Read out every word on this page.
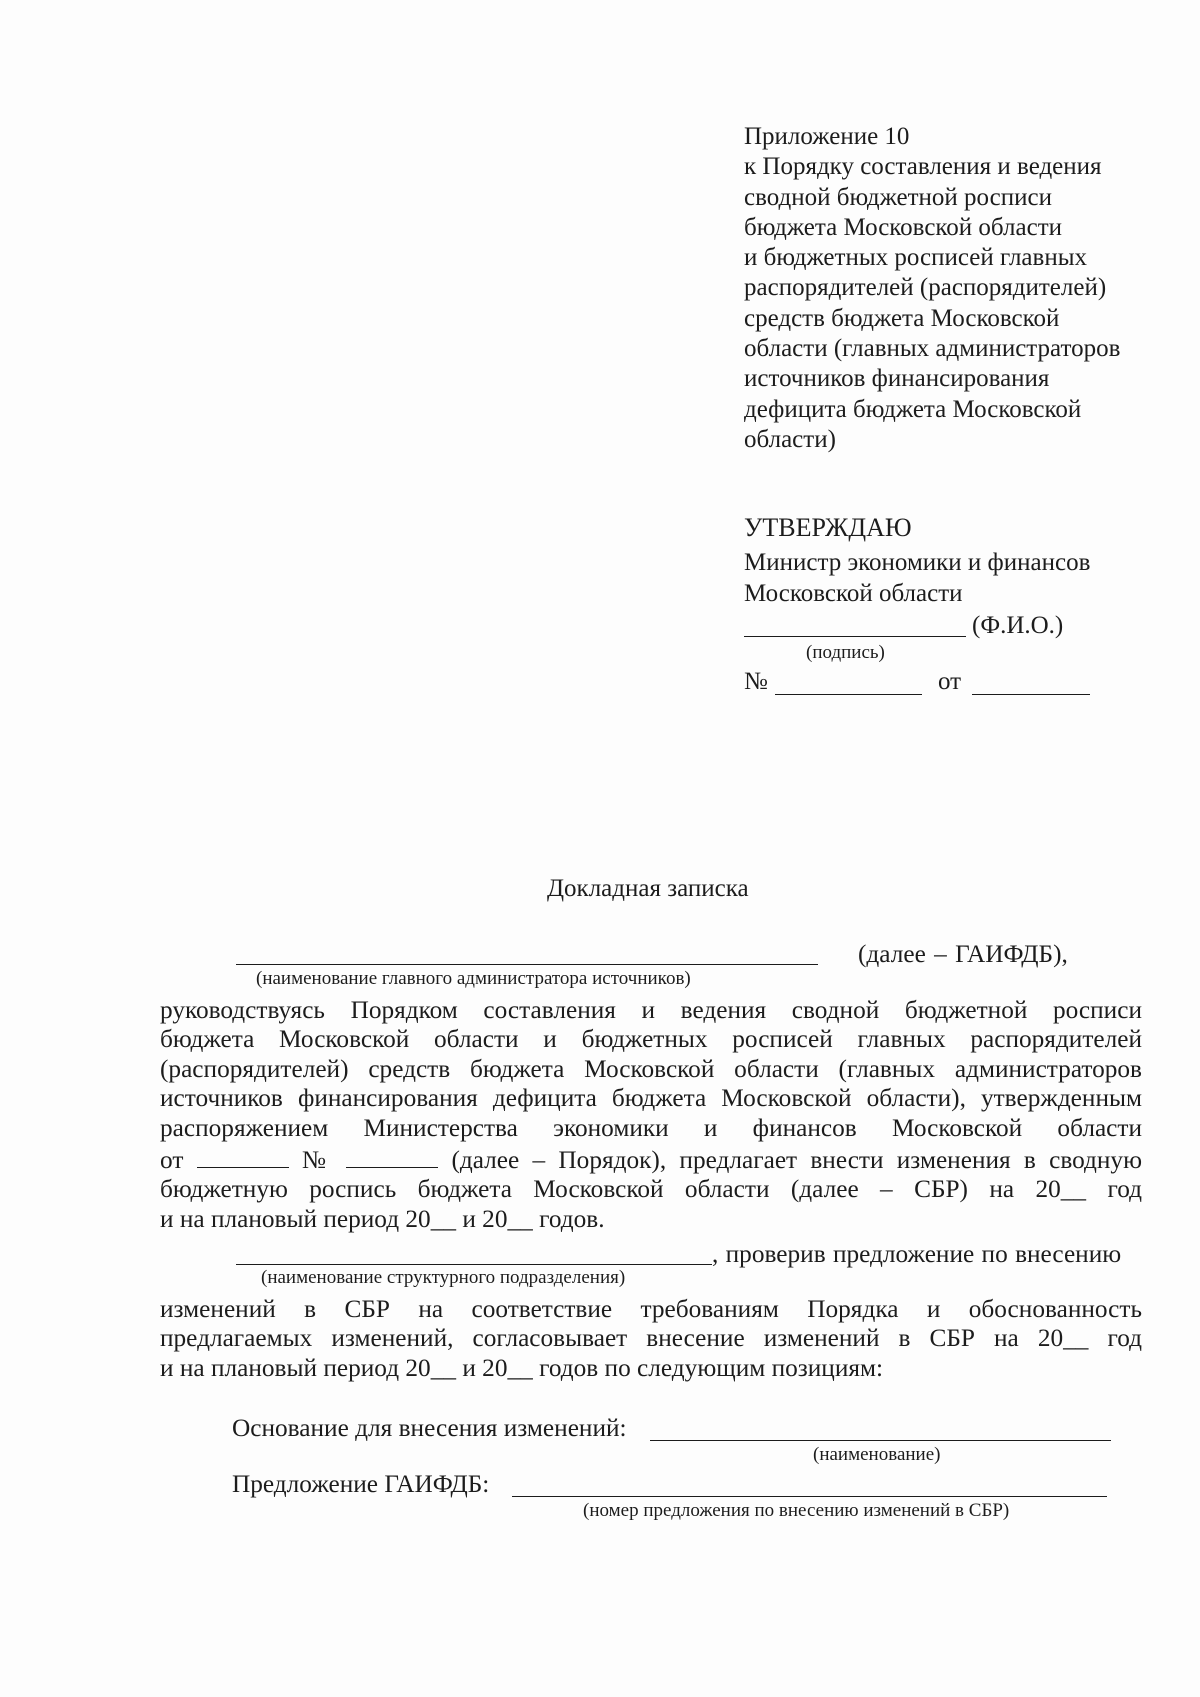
Приложение 10
к Порядку составления и ведения
сводной бюджетной росписи
бюджета Московской области
и бюджетных росписей главных
распорядителей (распорядителей)
средств бюджета Московской
области (главных администраторов
источников финансирования
дефицита бюджета Московской
области)
УТВЕРЖДАЮ
Министр экономики и финансов
Московской области
(Ф.И.О.)
(подпись)
№	от
Докладная записка
(далее – ГАИФДБ),
(наименование главного администратора источников)
руководствуясь Порядком составления и ведения сводной бюджетной росписи
бюджета Московской области и бюджетных росписей главных распорядителей
(распорядителей) средств бюджета Московской области (главных администраторов
источников финансирования дефицита бюджета Московской области), утвержденным
распоряжением Министерства экономики и финансов Московской области
от	№	(далее – Порядок), предлагает внести изменения в сводную
бюджетную роспись бюджета Московской области (далее – СБР) на 20__ год
и на плановый период 20__ и 20__ годов.
, проверив предложение по внесению
(наименование структурного подразделения)
изменений в СБР на соответствие требованиям Порядка и обоснованность
предлагаемых изменений, согласовывает внесение изменений в СБР на 20__ год
и на плановый период 20__ и 20__ годов по следующим позициям:
Основание для внесения изменений:
(наименование)
Предложение ГАИФДБ:
(номер предложения по внесению изменений в СБР)
